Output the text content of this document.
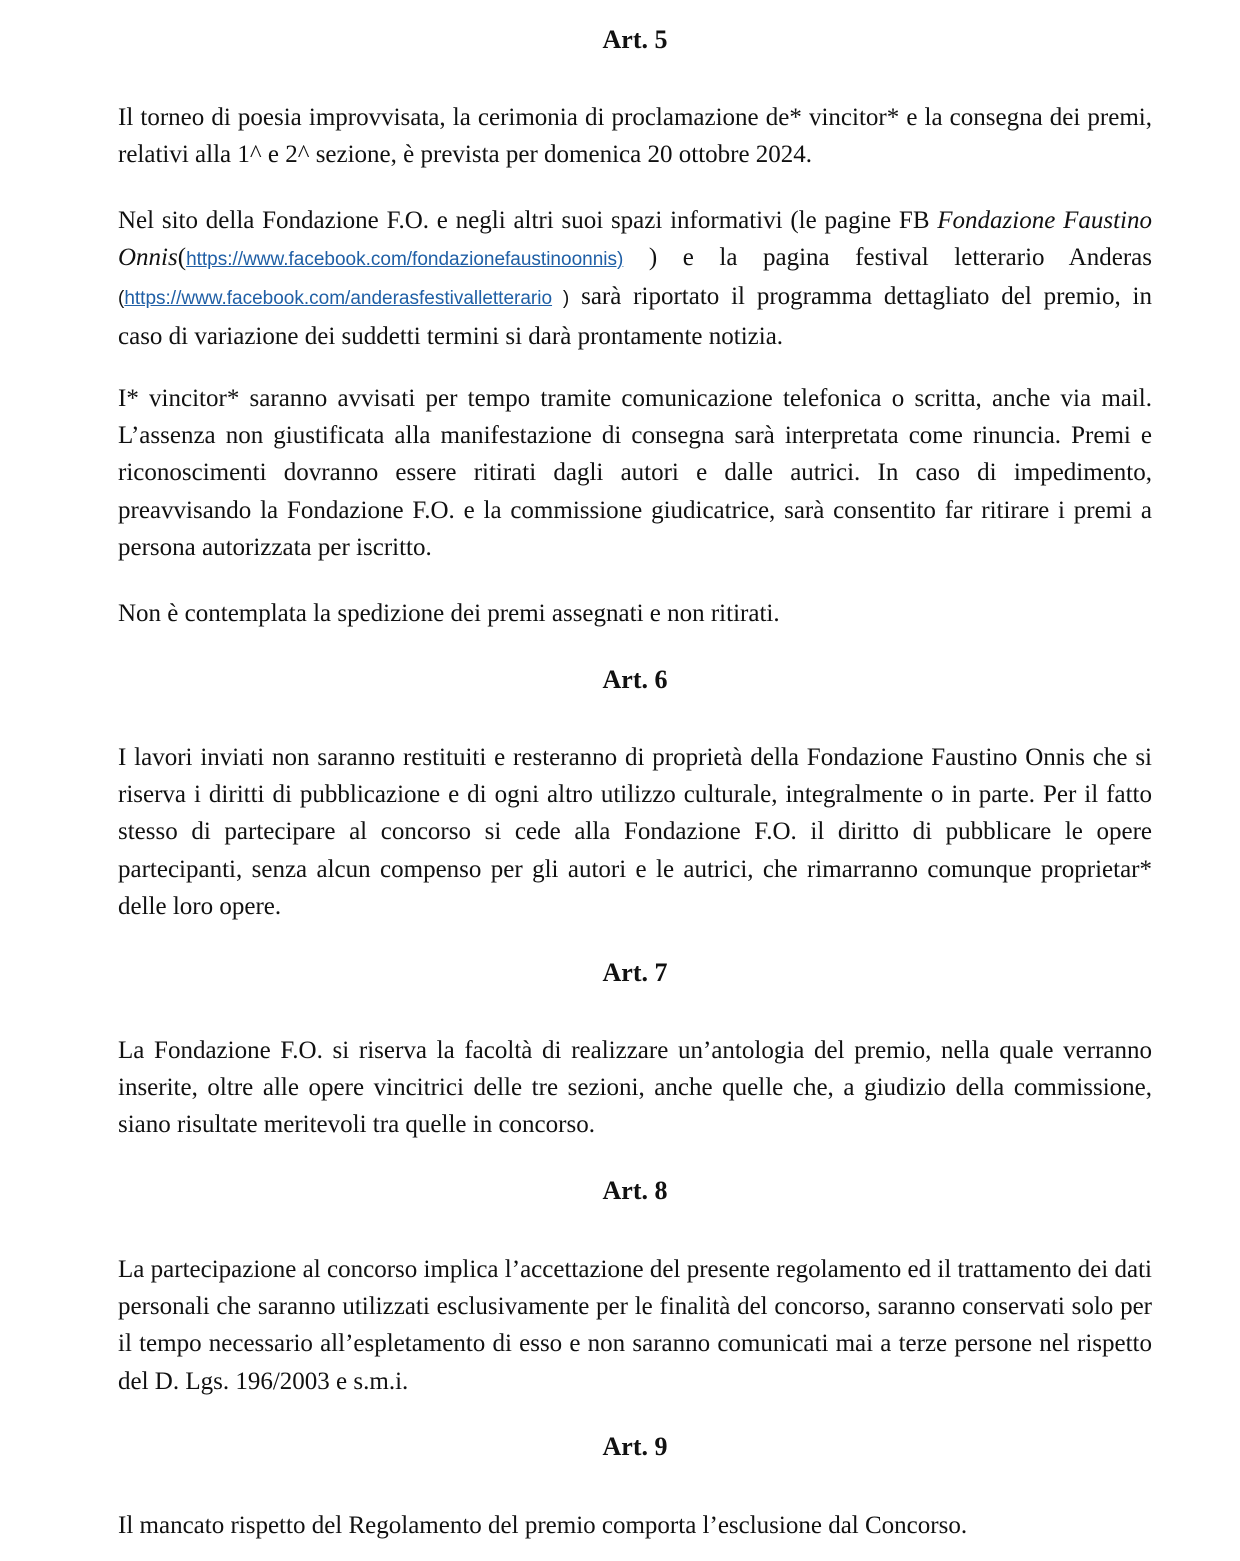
Art. 5
Il torneo di poesia improvvisata, la cerimonia di proclamazione de* vincitor* e la consegna dei premi, relativi alla 1^ e 2^ sezione, è prevista per domenica 20 ottobre 2024.
Nel sito della Fondazione F.O. e negli altri suoi spazi informativi (le pagine FB Fondazione Faustino Onnis(https://www.facebook.com/fondazionefaustinoonnis) ) e la pagina festival letterario Anderas (https://www.facebook.com/anderasfestivalletterario ) sarà riportato il programma dettagliato del premio, in caso di variazione dei suddetti termini si darà prontamente notizia.
I* vincitor* saranno avvisati per tempo tramite comunicazione telefonica o scritta, anche via mail. L’assenza non giustificata alla manifestazione di consegna sarà interpretata come rinuncia. Premi e riconoscimenti dovranno essere ritirati dagli autori e dalle autrici. In caso di impedimento, preavvisando la Fondazione F.O. e la commissione giudicatrice, sarà consentito far ritirare i premi a persona autorizzata per iscritto.
Non è contemplata la spedizione dei premi assegnati e non ritirati.
Art. 6
I lavori inviati non saranno restituiti e resteranno di proprietà della Fondazione Faustino Onnis che si riserva i diritti di pubblicazione e di ogni altro utilizzo culturale, integralmente o in parte. Per il fatto stesso di partecipare al concorso si cede alla Fondazione F.O. il diritto di pubblicare le opere partecipanti, senza alcun compenso per gli autori e le autrici, che rimarranno comunque proprietar* delle loro opere.
Art. 7
La Fondazione F.O. si riserva la facoltà di realizzare un’antologia del premio, nella quale verranno inserite, oltre alle opere vincitrici delle tre sezioni, anche quelle che, a giudizio della commissione, siano risultate meritevoli tra quelle in concorso.
Art. 8
La partecipazione al concorso implica l’accettazione del presente regolamento ed il trattamento dei dati personali che saranno utilizzati esclusivamente per le finalità del concorso, saranno conservati solo per il tempo necessario all’espletamento di esso e non saranno comunicati mai a terze persone nel rispetto del D. Lgs. 196/2003 e s.m.i.
Art. 9
Il mancato rispetto del Regolamento del premio comporta l’esclusione dal Concorso.
